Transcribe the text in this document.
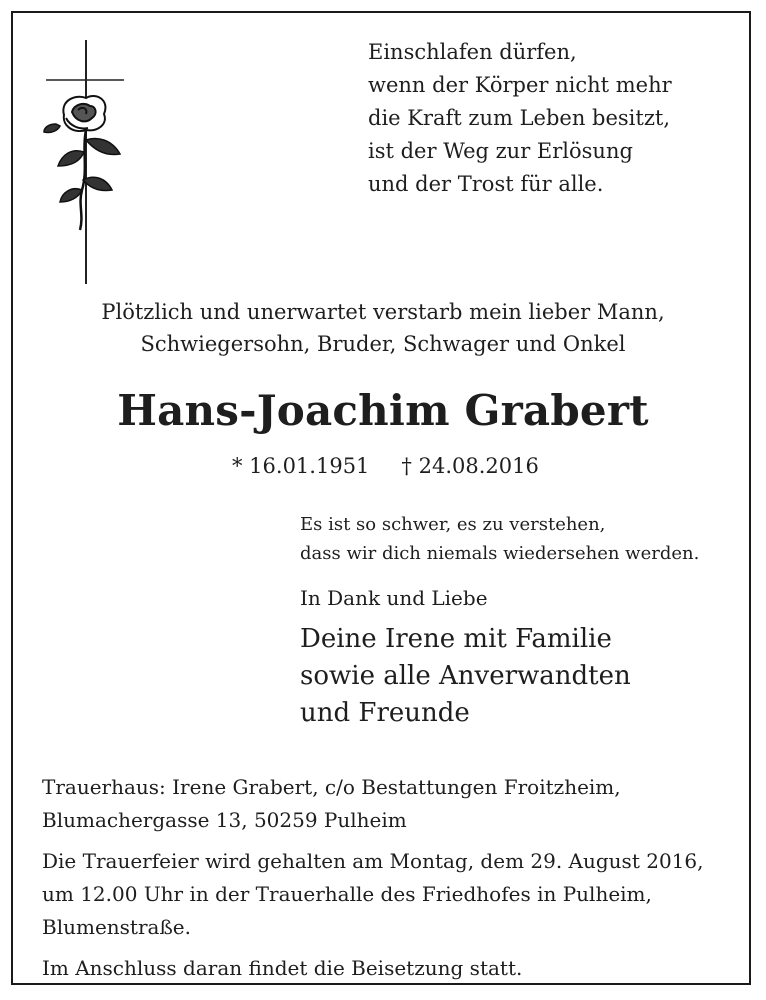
Einschlafen dürfen,
wenn der Körper nicht mehr
die Kraft zum Leben besitzt,
ist der Weg zur Erlösung
und der Trost für alle.
Plötzlich und unerwartet verstarb mein lieber Mann,
Schwiegersohn, Bruder, Schwager und Onkel
Hans-Joachim Grabert
* 16.01.1951 † 24.08.2016
Es ist so schwer, es zu verstehen,
dass wir dich niemals wiedersehen werden.
In Dank und Liebe
Deine Irene mit Familie
sowie alle Anverwandten
und Freunde
Trauerhaus: Irene Grabert, c/o Bestattungen Froitzheim,
Blumachergasse 13, 50259 Pulheim
Die Trauerfeier wird gehalten am Montag, dem 29. August 2016,
um 12.00 Uhr in der Trauerhalle des Friedhofes in Pulheim,
Blumenstraße.
Im Anschluss daran findet die Beisetzung statt.
